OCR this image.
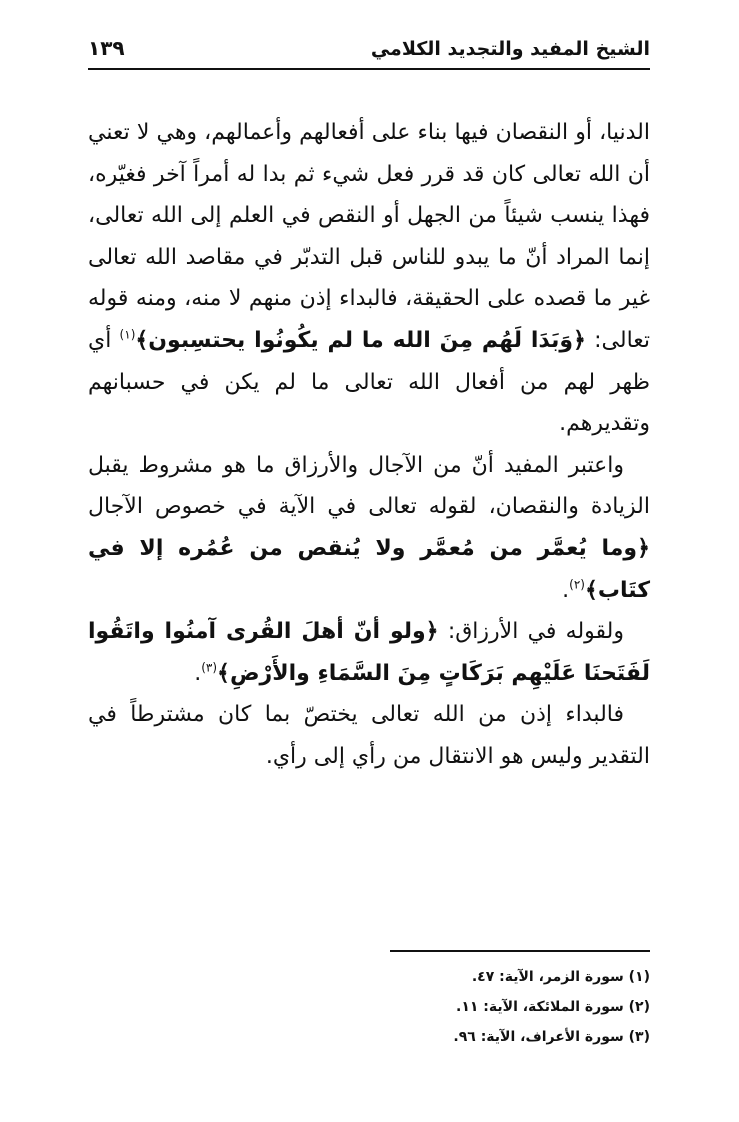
الشيخ المفيد والتجديد الكلامي
١٣٩

الدنيا، أو النقصان فيها بناء على أفعالهم وأعمالهم، وهي لا تعني أن الله تعالى كان قد قرر فعل شيء ثم بدا له أمراً آخر فغيّره، فهذا ينسب شيئاً من الجهل أو النقص في العلم إلى الله تعالى، إنما المراد أنّ ما يبدو للناس قبل التدبّر في مقاصد الله تعالى غير ما قصده على الحقيقة، فالبداء إذن منهم لا منه، ومنه قوله تعالى: ﴿وَبَدَا لَهُم مِنَ الله ما لم يكُونُوا يحتسِبون﴾$^{(١)}$ أي ظهر لهم من أفعال الله تعالى ما لم يكن في حسبانهم وتقديرهم.

واعتبر المفيد أنّ من الآجال والأرزاق ما هو مشروط يقبل الزيادة والنقصان، لقوله تعالى في الآية في خصوص الآجال ﴿وما يُعمَّر من مُعمَّر ولا يُنقص من عُمُره إلا في كتَاب﴾$^{(٢)}$.

ولقوله في الأرزاق: ﴿ولو أنّ أهلَ القُرى آمنُوا واتَقُوا لَفَتَحنَا عَلَيْهِم بَرَكَاتٍ مِنَ السَّمَاءِ والأَرْضِ﴾$^{(٣)}$.

فالبداء إذن من الله تعالى يختصّ بما كان مشترطاً في التقدير وليس هو الانتقال من رأي إلى رأي.

(١) سورة الزمر، الآية: ٤٧.
(٢) سورة الملائكة، الآية: ١١.
(٣) سورة الأعراف، الآية: ٩٦.
